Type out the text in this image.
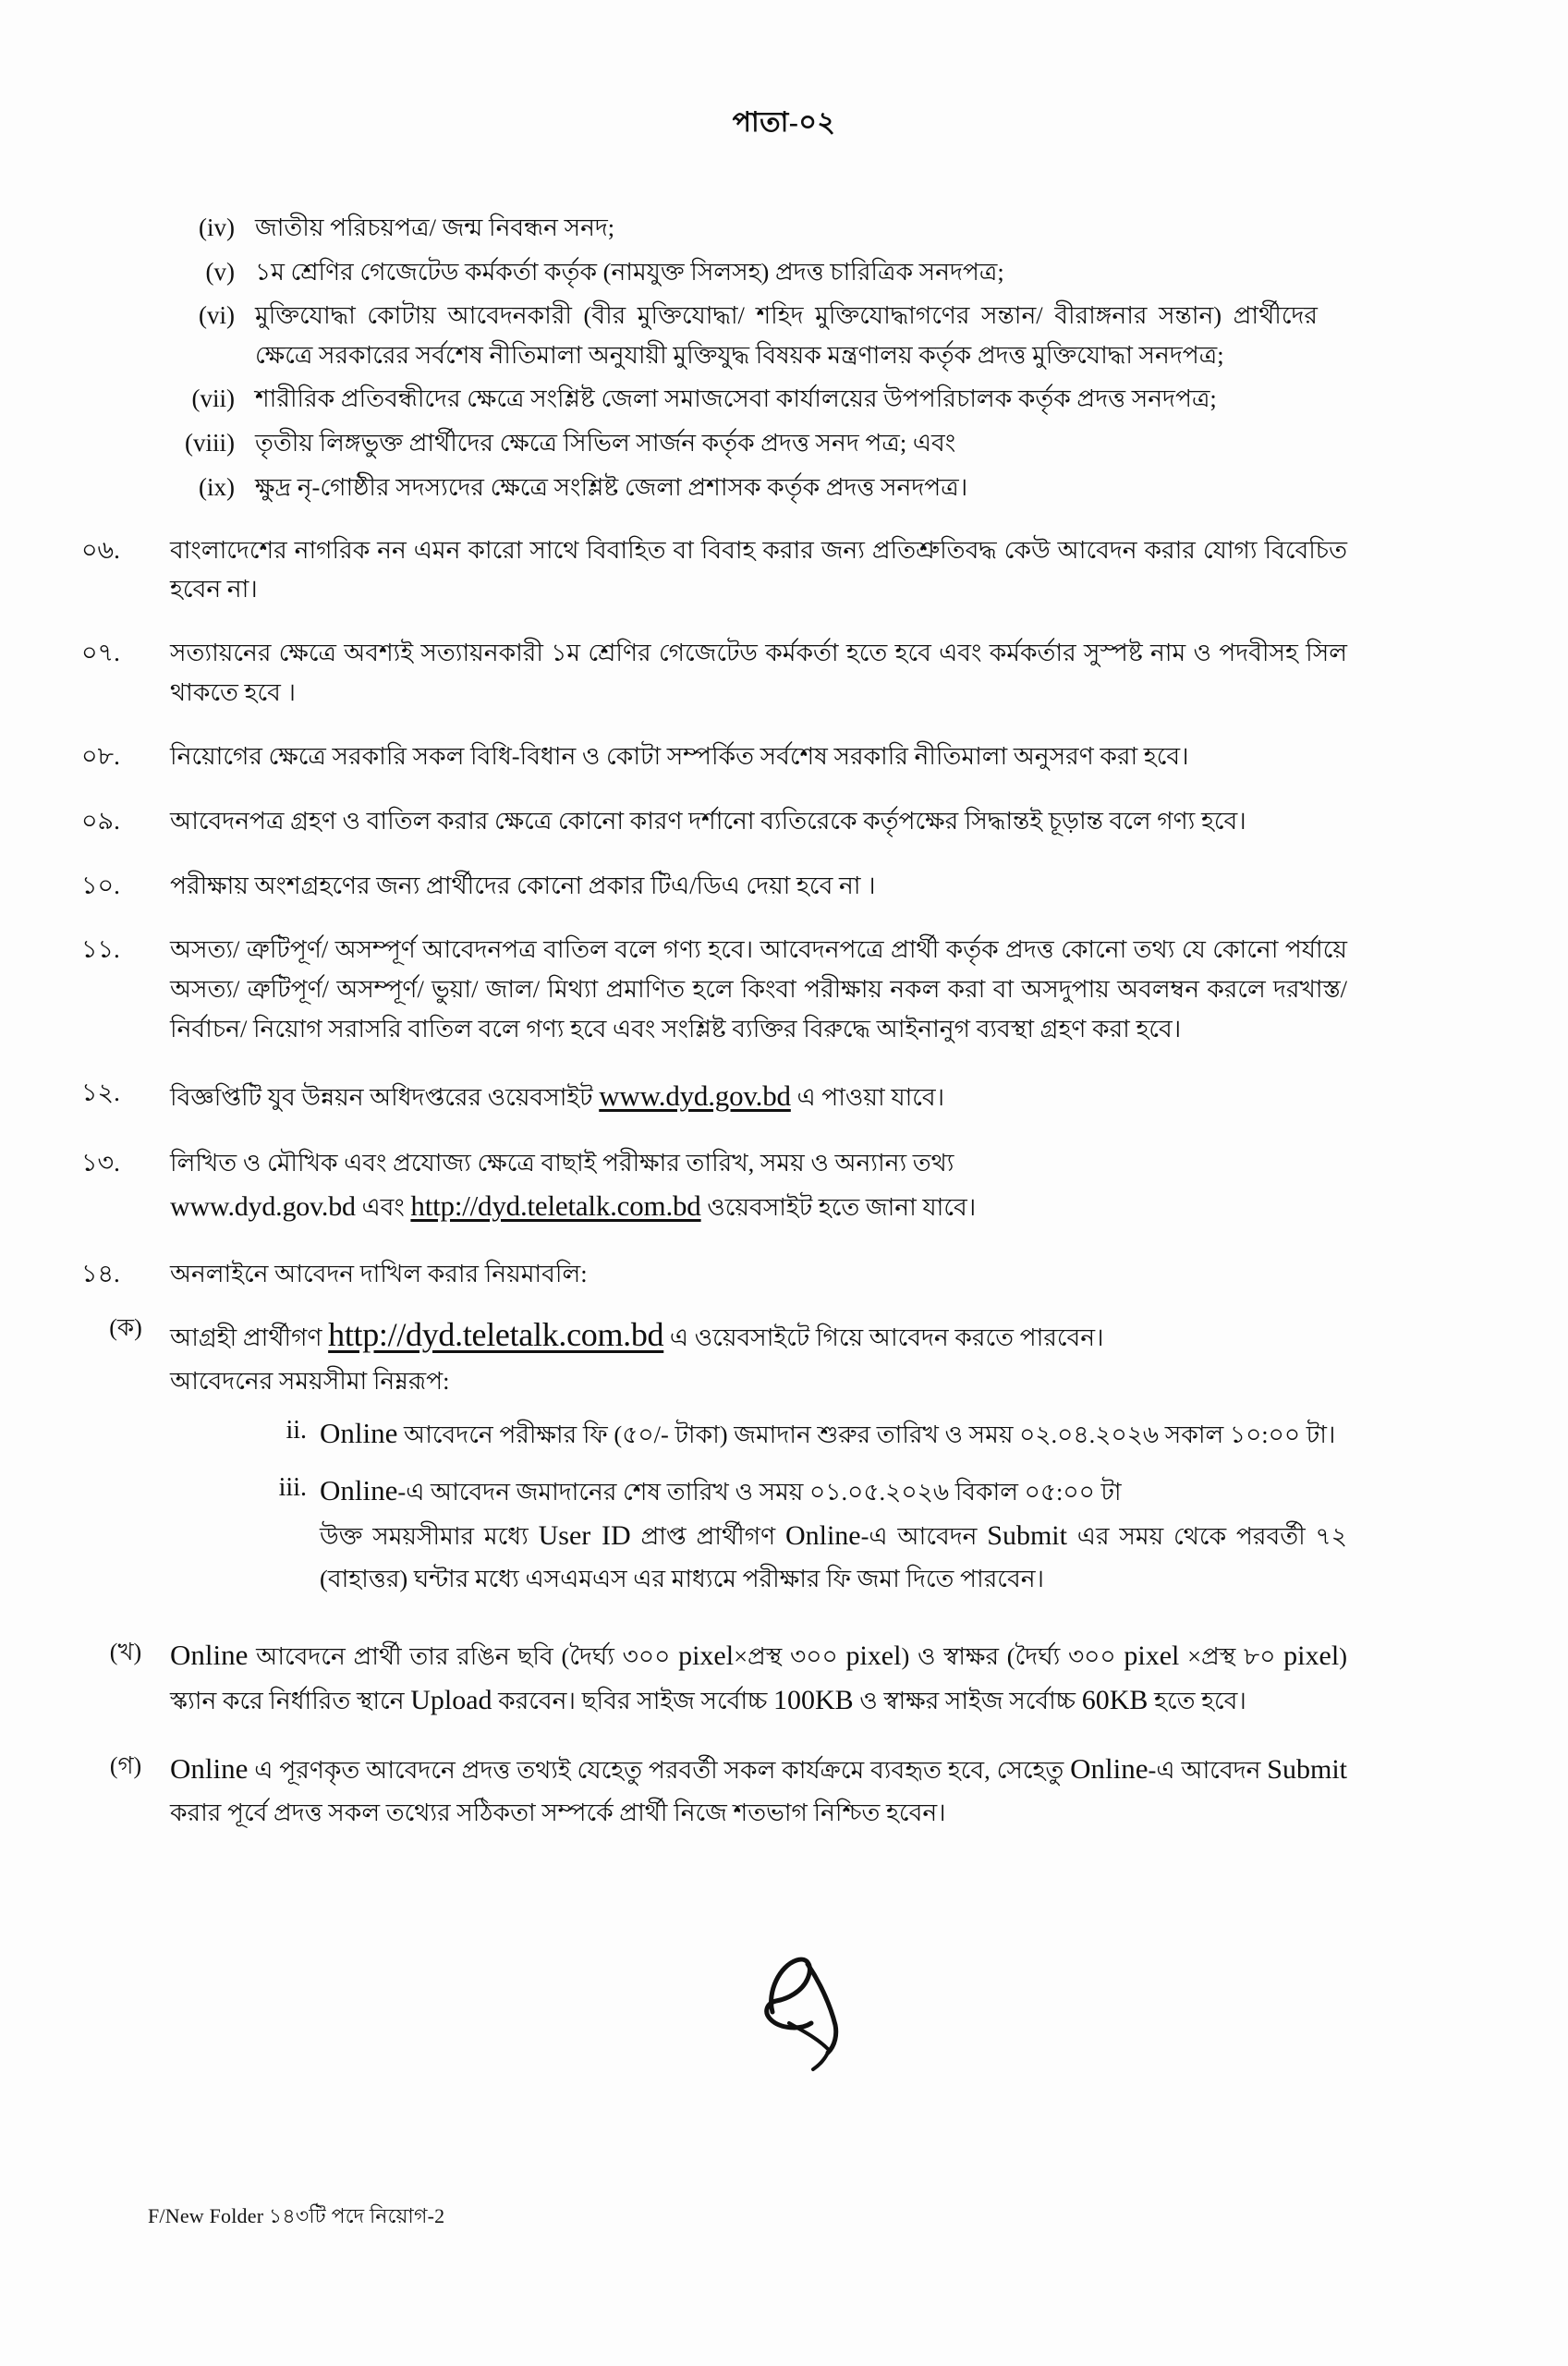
পাতা-০২
(iv) জাতীয় পরিচয়পত্র/ জন্ম নিবন্ধন সনদ;
(v) ১ম শ্রেণির গেজেটেড কর্মকর্তা কর্তৃক (নামযুক্ত সিলসহ) প্রদত্ত চারিত্রিক সনদপত্র;
(vi) মুক্তিযোদ্ধা কোটায় আবেদনকারী (বীর মুক্তিযোদ্ধা/ শহিদ মুক্তিযোদ্ধাগণের সন্তান/ বীরাঙ্গনার সন্তান) প্রার্থীদের ক্ষেত্রে সরকারের সর্বশেষ নীতিমালা অনুযায়ী মুক্তিযুদ্ধ বিষয়ক মন্ত্রণালয় কর্তৃক প্রদত্ত মুক্তিযোদ্ধা সনদপত্র;
(vii) শারীরিক প্রতিবন্ধীদের ক্ষেত্রে সংশ্লিষ্ট জেলা সমাজসেবা কার্যালয়ের উপপরিচালক কর্তৃক প্রদত্ত সনদপত্র;
(viii) তৃতীয় লিঙ্গভুক্ত প্রার্থীদের ক্ষেত্রে সিভিল সার্জন কর্তৃক প্রদত্ত সনদ পত্র; এবং
(ix) ক্ষুদ্র নৃ-গোষ্ঠীর সদস্যদের ক্ষেত্রে সংশ্লিষ্ট জেলা প্রশাসক কর্তৃক প্রদত্ত সনদপত্র।
০৬.	বাংলাদেশের নাগরিক নন এমন কারো সাথে বিবাহিত বা বিবাহ করার জন্য প্রতিশ্রুতিবদ্ধ কেউ আবেদন করার যোগ্য বিবেচিত হবেন না।
০৭.	সত্যায়নের ক্ষেত্রে অবশ্যই সত্যায়নকারী ১ম শ্রেণির গেজেটেড কর্মকর্তা হতে হবে এবং কর্মকর্তার সুস্পষ্ট নাম ও পদবীসহ সিল থাকতে হবে ।
০৮.	নিয়োগের ক্ষেত্রে সরকারি সকল বিধি-বিধান ও কোটা সম্পর্কিত সর্বশেষ সরকারি নীতিমালা অনুসরণ করা হবে।
০৯.	আবেদনপত্র গ্রহণ ও বাতিল করার ক্ষেত্রে কোনো কারণ দর্শানো ব্যতিরেকে কর্তৃপক্ষের সিদ্ধান্তই চূড়ান্ত বলে গণ্য হবে।
১০.	পরীক্ষায় অংশগ্রহণের জন্য প্রার্থীদের কোনো প্রকার টিএ/ডিএ দেয়া হবে না ।
১১.	অসত্য/ ত্রুটিপূর্ণ/ অসম্পূর্ণ আবেদনপত্র বাতিল বলে গণ্য হবে। আবেদনপত্রে প্রার্থী কর্তৃক প্রদত্ত কোনো তথ্য যে কোনো পর্যায়ে অসত্য/ ত্রুটিপূর্ণ/ অসম্পূর্ণ/ ভুয়া/ জাল/ মিথ্যা প্রমাণিত হলে কিংবা পরীক্ষায় নকল করা বা অসদুপায় অবলম্বন করলে দরখাস্ত/ নির্বাচন/ নিয়োগ সরাসরি বাতিল বলে গণ্য হবে এবং সংশ্লিষ্ট ব্যক্তির বিরুদ্ধে আইনানুগ ব্যবস্থা গ্রহণ করা হবে।
১২.	বিজ্ঞপ্তিটি যুব উন্নয়ন অধিদপ্তরের ওয়েবসাইট www.dyd.gov.bd এ পাওয়া যাবে।
১৩.	লিখিত ও মৌখিক এবং প্রযোজ্য ক্ষেত্রে বাছাই পরীক্ষার তারিখ, সময় ও অন্যান্য তথ্য
www.dyd.gov.bd এবং http://dyd.teletalk.com.bd ওয়েবসাইট হতে জানা যাবে।
১৪.	অনলাইনে আবেদন দাখিল করার নিয়মাবলি:
(ক)	আগ্রহী প্রার্থীগণ http://dyd.teletalk.com.bd এ ওয়েবসাইটে গিয়ে আবেদন করতে পারবেন।
আবেদনের সময়সীমা নিম্নরূপ:
ii. Online আবেদনে পরীক্ষার ফি (৫০/- টাকা) জমাদান শুরুর তারিখ ও সময় ০২.০৪.২০২৬ সকাল ১০:০০ টা।
iii. Online-এ আবেদন জমাদানের শেষ তারিখ ও সময় ০১.০৫.২০২৬ বিকাল ০৫:০০ টা
উক্ত সময়সীমার মধ্যে User ID প্রাপ্ত প্রার্থীগণ Online-এ আবেদন Submit এর সময় থেকে পরবর্তী ৭২ (বাহাত্তর) ঘন্টার মধ্যে এসএমএস এর মাধ্যমে পরীক্ষার ফি জমা দিতে পারবেন।
(খ) Online আবেদনে প্রার্থী তার রঙিন ছবি (দৈর্ঘ্য ৩০০ pixel×প্রস্থ ৩০০ pixel) ও স্বাক্ষর (দৈর্ঘ্য ৩০০ pixel ×প্রস্থ ৮০ pixel) স্ক্যান করে নির্ধারিত স্থানে Upload করবেন। ছবির সাইজ সর্বোচ্চ 100KB ও স্বাক্ষর সাইজ সর্বোচ্চ 60KB হতে হবে।
(গ) Online এ পূরণকৃত আবেদনে প্রদত্ত তথ্যই যেহেতু পরবর্তী সকল কার্যক্রমে ব্যবহৃত হবে, সেহেতু Online-এ আবেদন Submit করার পূর্বে প্রদত্ত সকল তথ্যের সঠিকতা সম্পর্কে প্রার্থী নিজে শতভাগ নিশ্চিত হবেন।
F/New Folder ১৪৩টি পদে নিয়োগ-2
